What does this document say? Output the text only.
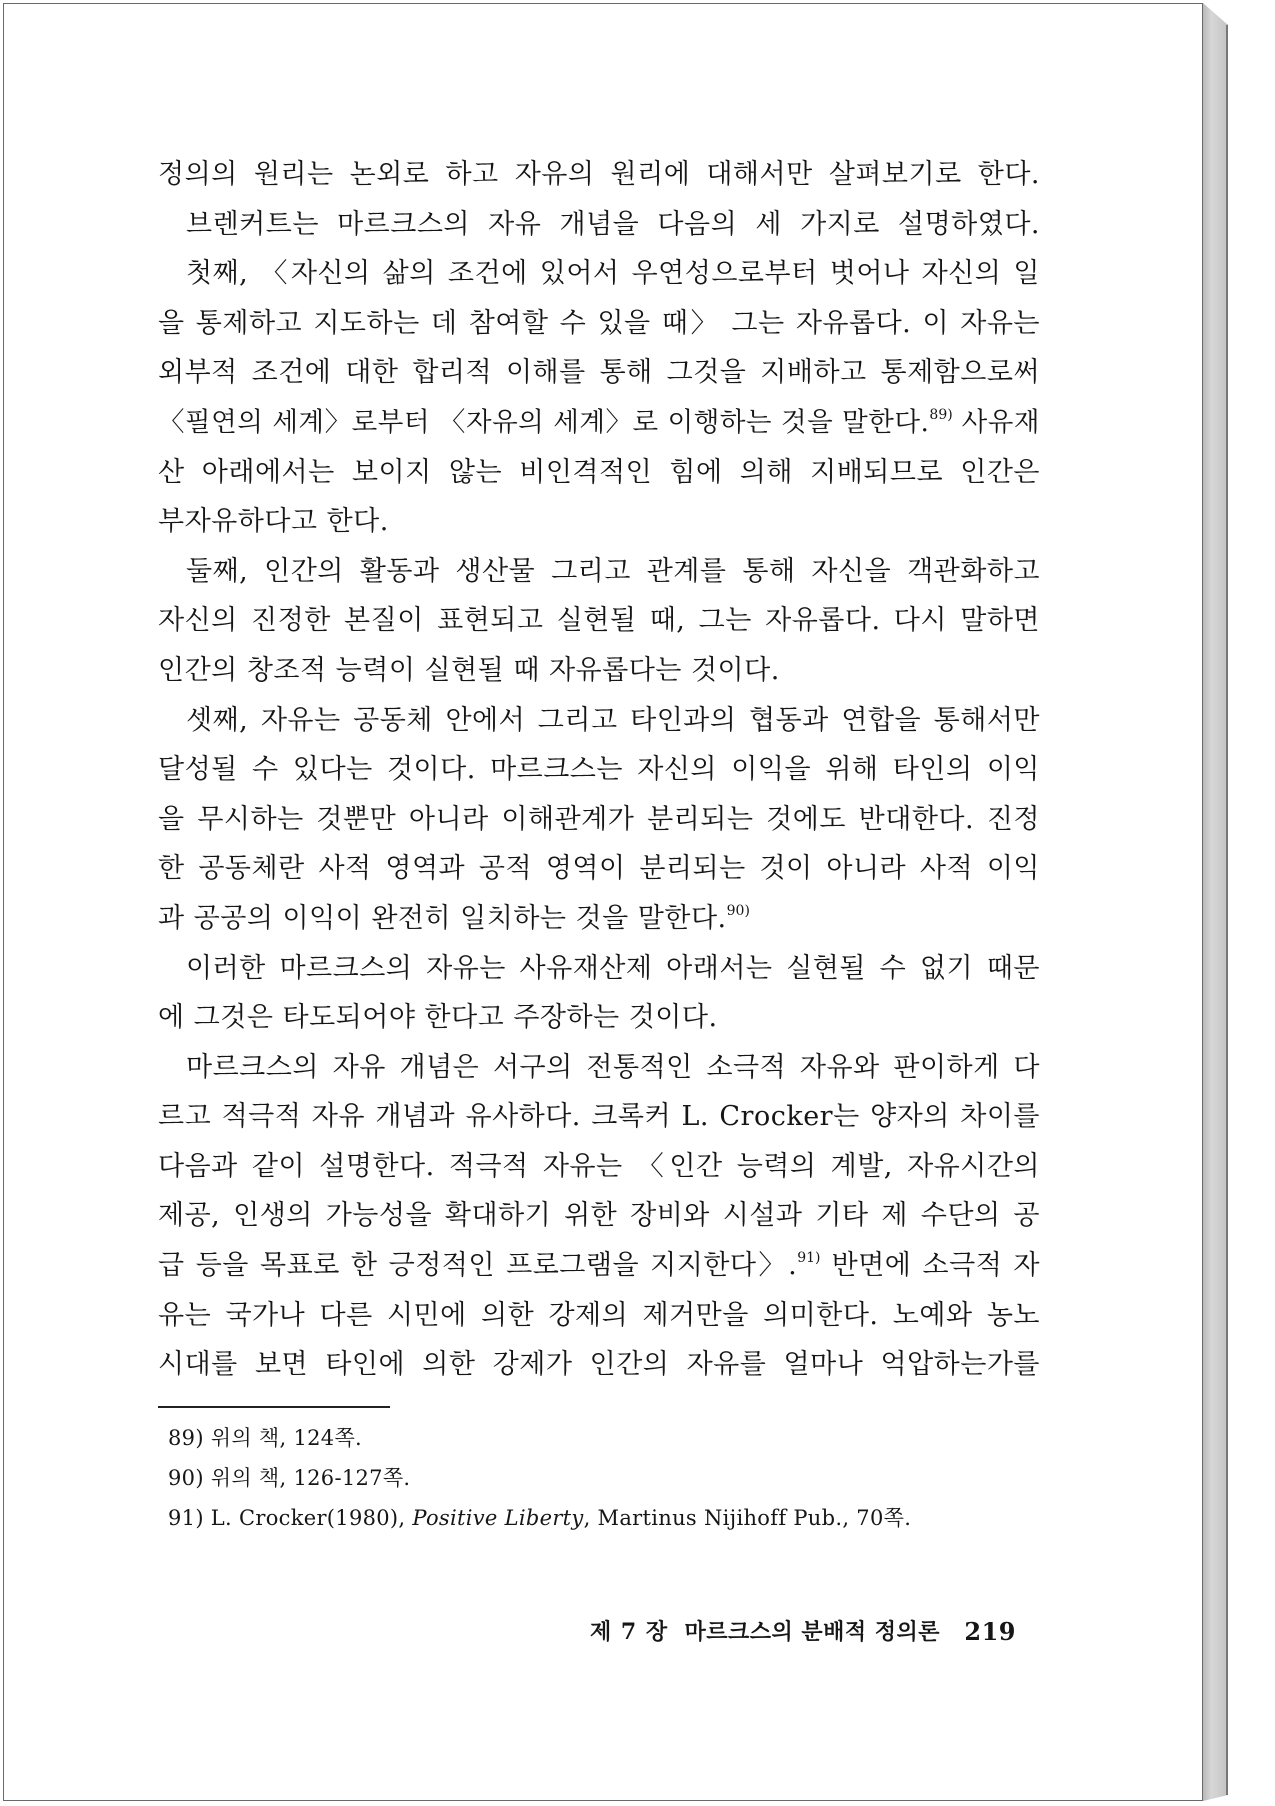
정의의 원리는 논외로 하고 자유의 원리에 대해서만 살펴보기로 한다.
브렌커트는 마르크스의 자유 개념을 다음의 세 가지로 설명하였다.
첫째, 〈자신의 삶의 조건에 있어서 우연성으로부터 벗어나 자신의 일
을 통제하고 지도하는 데 참여할 수 있을 때〉 그는 자유롭다. 이 자유는
외부적 조건에 대한 합리적 이해를 통해 그것을 지배하고 통제함으로써
〈필연의 세계〉로부터 〈자유의 세계〉로 이행하는 것을 말한다.$^{89)}$ 사유재
산 아래에서는 보이지 않는 비인격적인 힘에 의해 지배되므로 인간은
부자유하다고 한다.
둘째, 인간의 활동과 생산물 그리고 관계를 통해 자신을 객관화하고
자신의 진정한 본질이 표현되고 실현될 때, 그는 자유롭다. 다시 말하면
인간의 창조적 능력이 실현될 때 자유롭다는 것이다.
셋째, 자유는 공동체 안에서 그리고 타인과의 협동과 연합을 통해서만
달성될 수 있다는 것이다. 마르크스는 자신의 이익을 위해 타인의 이익
을 무시하는 것뿐만 아니라 이해관계가 분리되는 것에도 반대한다. 진정
한 공동체란 사적 영역과 공적 영역이 분리되는 것이 아니라 사적 이익
과 공공의 이익이 완전히 일치하는 것을 말한다.$^{90)}$
이러한 마르크스의 자유는 사유재산제 아래서는 실현될 수 없기 때문
에 그것은 타도되어야 한다고 주장하는 것이다.
마르크스의 자유 개념은 서구의 전통적인 소극적 자유와 판이하게 다
르고 적극적 자유 개념과 유사하다. 크록커 L. Crocker는 양자의 차이를
다음과 같이 설명한다. 적극적 자유는 〈인간 능력의 계발, 자유시간의
제공, 인생의 가능성을 확대하기 위한 장비와 시설과 기타 제 수단의 공
급 등을 목표로 한 긍정적인 프로그램을 지지한다〉.$^{91)}$ 반면에 소극적 자
유는 국가나 다른 시민에 의한 강제의 제거만을 의미한다. 노예와 농노
시대를 보면 타인에 의한 강제가 인간의 자유를 얼마나 억압하는가를
89) 위의 책, 124쪽.
90) 위의 책, 126-127쪽.
91) L. Crocker(1980), Positive Liberty, Martinus Nijihoff Pub., 70쪽.
제 7 장 마르크스의 분배적 정의론 219
